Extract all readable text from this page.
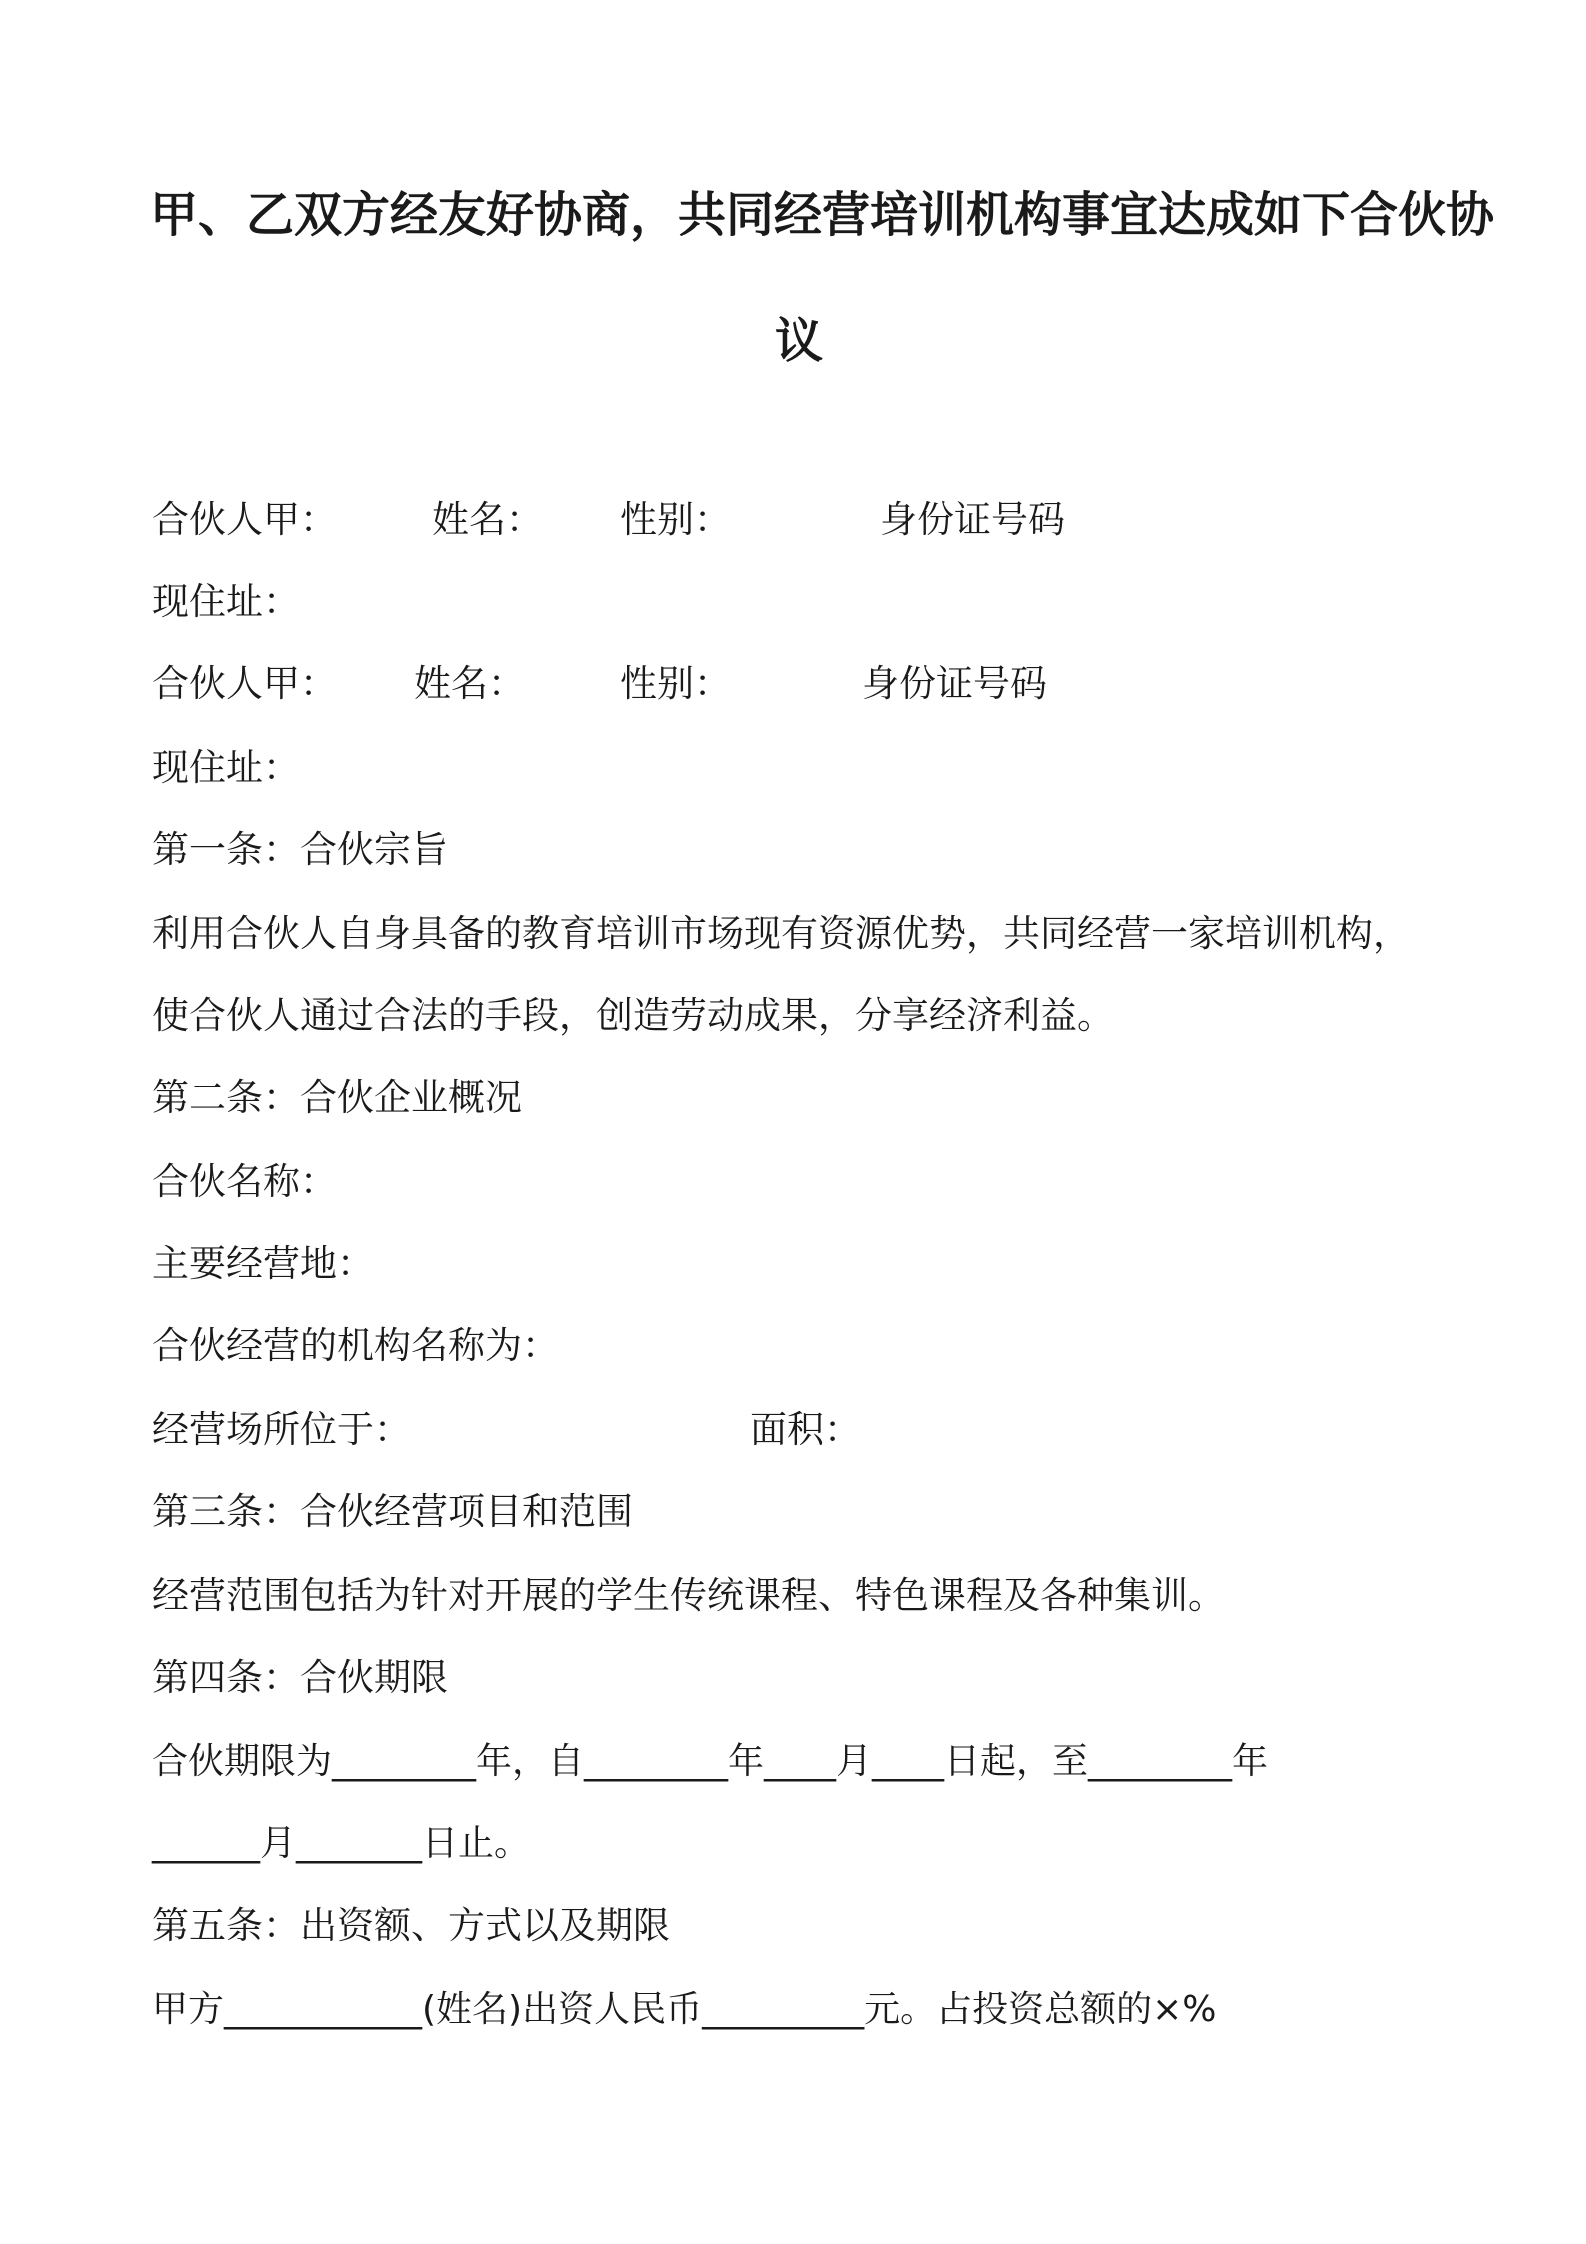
甲、乙双方经友好协商，共同经营培训机构事宜达成如下合伙协
议
合伙人甲：	姓名： 性别：	身份证号码
现住址：
合伙人甲： 姓名：	性别：	身份证号码
现住址：
第一条：合伙宗旨
利用合伙人自身具备的教育培训市场现有资源优势，共同经营一家培训机构，
使合伙人通过合法的手段，创造劳动成果，分享经济利益。
第二条：合伙企业概况
合伙名称：
主要经营地：
合伙经营的机构名称为：
经营场所位于：	面积：
第三条：合伙经营项目和范围
经营范围包括为针对开展的学生传统课程、特色课程及各种集训。
第四条：合伙期限
合伙期限为________年，自________年____月____日起，至________年
______月_______日止。
第五条：出资额、方式以及期限
甲方___________(姓名)出资人民币_________元。占投资总额的×%
